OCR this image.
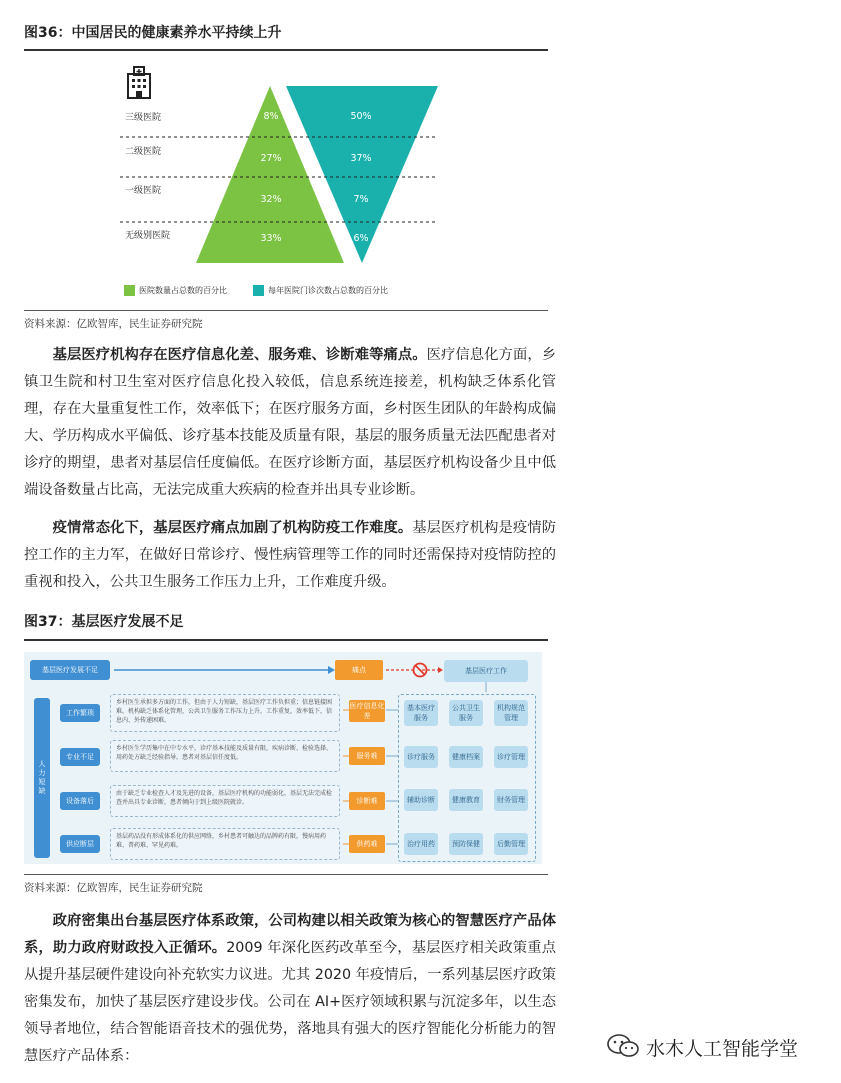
图36：中国居民的健康素养水平持续上升
三级医院
二级医院
一级医院
无级别医院
8%
27%
32%
33%
50%
37%
7%
6%
医院数量占总数的百分比	每年医院门诊次数占总数的百分比
资料来源：亿欧智库，民生证券研究院
基层医疗机构存在医疗信息化差、服务难、诊断难等痛点。医疗信息化方面，乡镇卫生院和村卫生室对医疗信息化投入较低，信息系统连接差，机构缺乏体系化管理，存在大量重复性工作，效率低下；在医疗服务方面，乡村医生团队的年龄构成偏大、学历构成水平偏低、诊疗基本技能及质量有限，基层的服务质量无法匹配患者对诊疗的期望，患者对基层信任度偏低。在医疗诊断方面，基层医疗机构设备少且中低端设备数量占比高，无法完成重大疾病的检查并出具专业诊断。
疫情常态化下，基层医疗痛点加剧了机构防疫工作难度。基层医疗机构是疫情防控工作的主力军，在做好日常诊疗、慢性病管理等工作的同时还需保持对疫情防控的重视和投入，公共卫生服务工作压力上升，工作难度升级。
图37：基层医疗发展不足
基层医疗发展不足	痛点	基层医疗工作
人力短缺
工作繁琐
专业不足
设备落后
供应断层
乡村医生承担多方面的工作，但由于人力短缺，基层医疗工作负担重；信息链接困难，机构缺乏体系化管理，公共卫生服务工作压力上升，工作重复，效率低下，信息内、外传递困难。
乡村医生学历集中在中专水平，诊疗基本技能及质量有限，疾病诊断、检验选择、用药处方缺乏经验指导，患者对基层信任度低。
由于缺乏专业检查人才及先进的设备，基层医疗机构的功能弱化，基层无法完成检查并出具专业诊断，患者倾向于到上级医院就诊。
基层药品没有形成体系化的供应网络，乡村患者可触达的品牌药有限，慢病用药难、普药难、罕见药难。
医疗信息化差
服务难
诊断难
供药难
基本医疗服务
公共卫生服务
机构规范管理
诊疗服务	健康档案	诊疗管理
辅助诊断	健康教育	财务管理
治疗用药	预防保健	后勤管理
资料来源：亿欧智库，民生证券研究院
政府密集出台基层医疗体系政策，公司构建以相关政策为核心的智慧医疗产品体系，助力政府财政投入正循环。2009 年深化医药改革至今，基层医疗相关政策重点从提升基层硬件建设向补充软实力议进。尤其 2020 年疫情后，一系列基层医疗政策密集发布，加快了基层医疗建设步伐。公司在 AI+医疗领域积累与沉淀多年，以生态领导者地位，结合智能语音技术的强优势，落地具有强大的医疗智能化分析能力的智慧医疗产品体系：	水木人工智能学堂
